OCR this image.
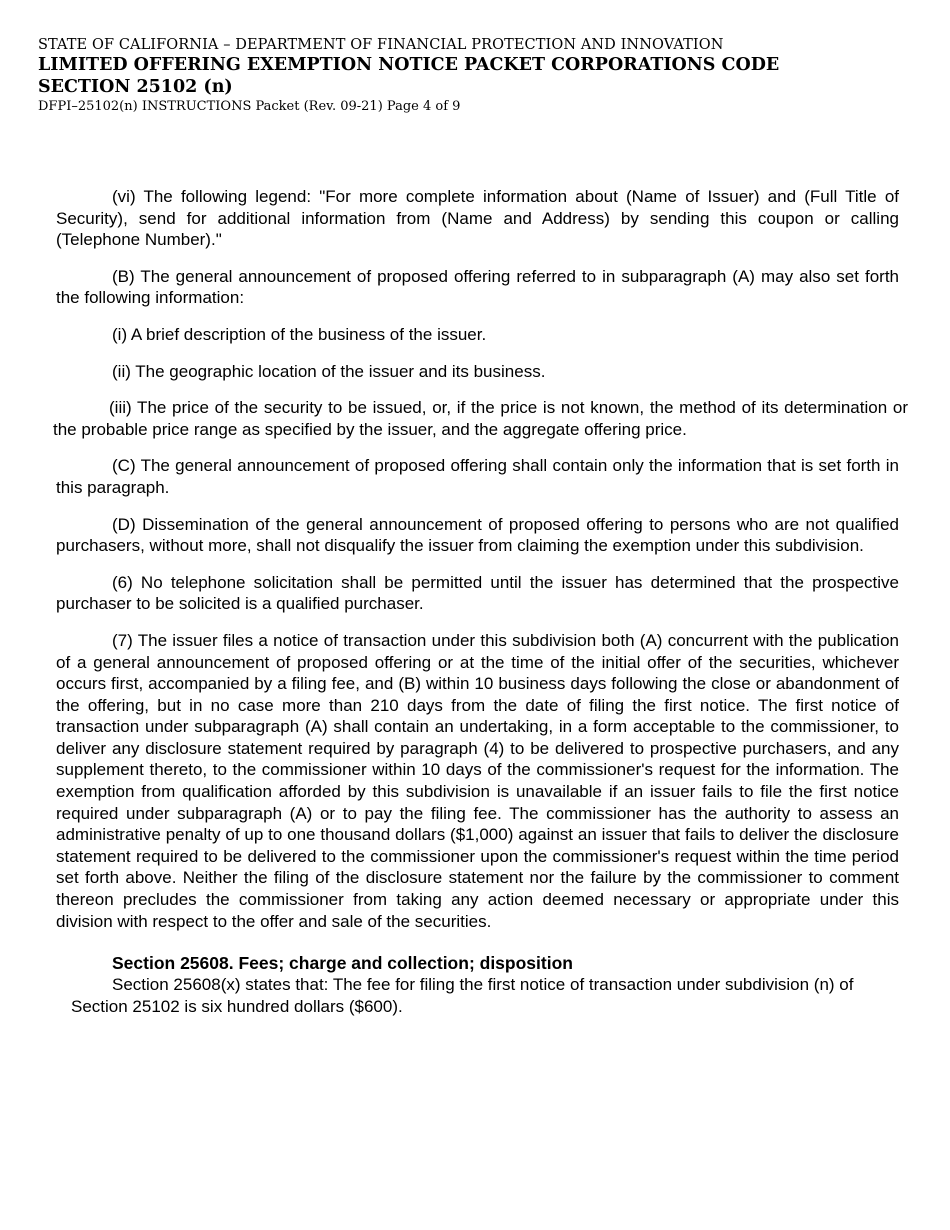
STATE OF CALIFORNIA – DEPARTMENT OF FINANCIAL PROTECTION AND INNOVATION
LIMITED OFFERING EXEMPTION NOTICE PACKET CORPORATIONS CODE
SECTION 25102 (n)
DFPI–25102(n) INSTRUCTIONS Packet (Rev. 09-21) Page 4 of 9

(vi) The following legend: "For more complete information about (Name of Issuer) and (Full Title of Security), send for additional information from (Name and Address) by sending this coupon or calling (Telephone Number)."

(B) The general announcement of proposed offering referred to in subparagraph (A) may also set forth the following information:

(i) A brief description of the business of the issuer.

(ii) The geographic location of the issuer and its business.

(iii) The price of the security to be issued, or, if the price is not known, the method of its determination or the probable price range as specified by the issuer, and the aggregate offering price.

(C) The general announcement of proposed offering shall contain only the information that is set forth in this paragraph.

(D) Dissemination of the general announcement of proposed offering to persons who are not qualified purchasers, without more, shall not disqualify the issuer from claiming the exemption under this subdivision.

(6) No telephone solicitation shall be permitted until the issuer has determined that the prospective purchaser to be solicited is a qualified purchaser.

(7) The issuer files a notice of transaction under this subdivision both (A) concurrent with the publication of a general announcement of proposed offering or at the time of the initial offer of the securities, whichever occurs first, accompanied by a filing fee, and (B) within 10 business days following the close or abandonment of the offering, but in no case more than 210 days from the date of filing the first notice. The first notice of transaction under subparagraph (A) shall contain an undertaking, in a form acceptable to the commissioner, to deliver any disclosure statement required by paragraph (4) to be delivered to prospective purchasers, and any supplement thereto, to the commissioner within 10 days of the commissioner's request for the information. The exemption from qualification afforded by this subdivision is unavailable if an issuer fails to file the first notice required under subparagraph (A) or to pay the filing fee. The commissioner has the authority to assess an administrative penalty of up to one thousand dollars ($1,000) against an issuer that fails to deliver the disclosure statement required to be delivered to the commissioner upon the commissioner's request within the time period set forth above. Neither the filing of the disclosure statement nor the failure by the commissioner to comment thereon precludes the commissioner from taking any action deemed necessary or appropriate under this division with respect to the offer and sale of the securities.

Section 25608. Fees; charge and collection; disposition
Section 25608(x) states that: The fee for filing the first notice of transaction under subdivision (n) of Section 25102 is six hundred dollars ($600).
